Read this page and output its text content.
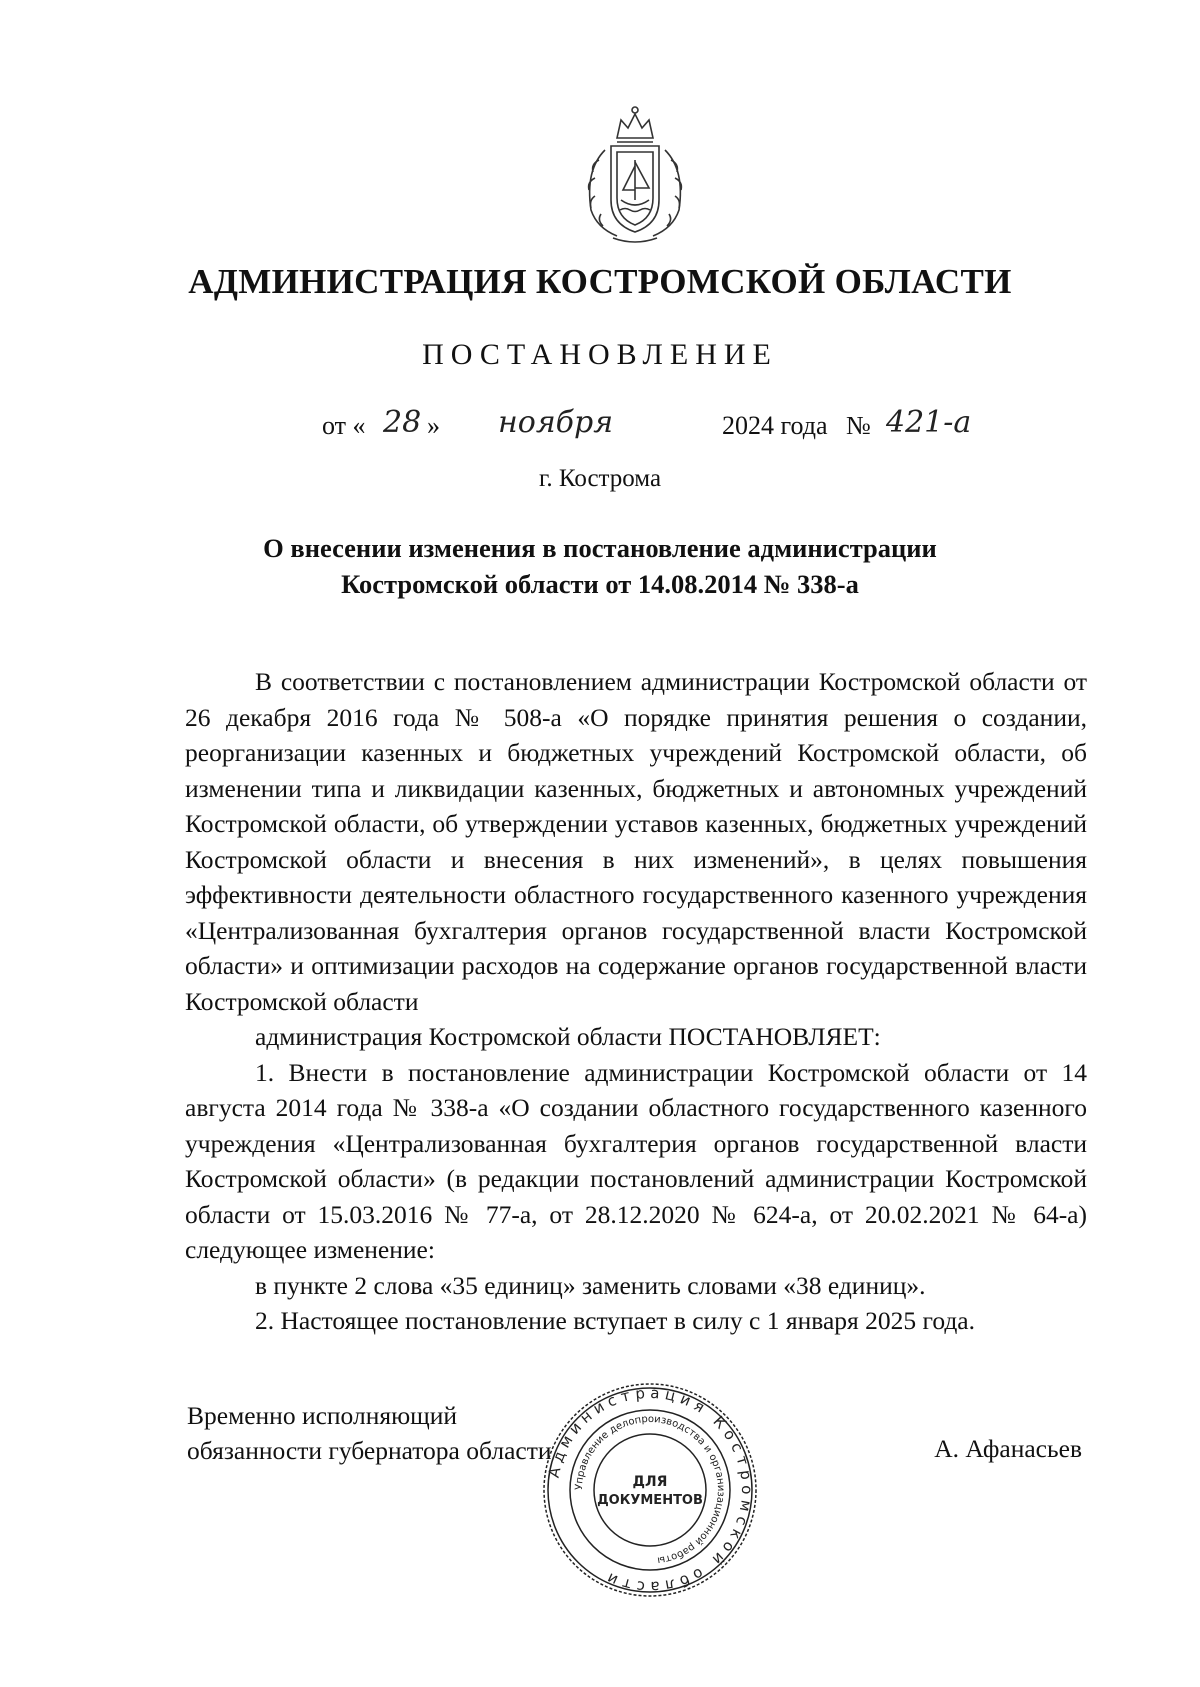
АДМИНИСТРАЦИЯ КОСТРОМСКОЙ ОБЛАСТИ
ПОСТАНОВЛЕНИЕ
от « 28 » ноября	2024 года № 421-а
г. Кострома
О внесении изменения в постановление администрации
Костромской области от 14.08.2014 № 338-а

В соответствии с постановлением администрации Костромской области от 26 декабря 2016 года № 508-а «О порядке принятия решения о создании, реорганизации казенных и бюджетных учреждений Костромской области, об изменении типа и ликвидации казенных, бюджетных и автономных учреждений Костромской области, об утверждении уставов казенных, бюджетных учреждений Костромской области и внесения в них изменений», в целях повышения эффективности деятельности областного государственного казенного учреждения «Централизованная бухгалтерия органов государственной власти Костромской области» и оптимизации расходов на содержание органов государственной власти Костромской области

администрация Костромской области ПОСТАНОВЛЯЕТ:

1. Внести в постановление администрации Костромской области от 14 августа 2014 года № 338-а «О создании областного государственного казенного учреждения «Централизованная бухгалтерия органов государственной власти Костромской области» (в редакции постановлений администрации Костромской области от 15.03.2016 № 77-а, от 28.12.2020 № 624-а, от 20.02.2021 № 64-а) следующее изменение:

в пункте 2 слова «35 единиц» заменить словами «38 единиц».

2. Настоящее постановление вступает в силу с 1 января 2025 года.

Временно исполняющий
обязанности губернатора области	А. Афанасьев
Администрация Костромской области
Управление делопроизводства и организационной работы
ДЛЯ
ДОКУМЕНТОВ
